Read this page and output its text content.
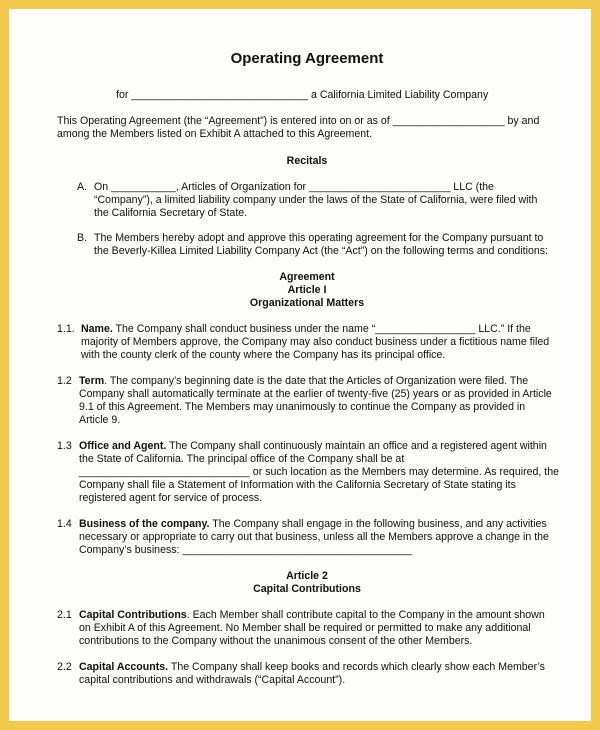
Operating Agreement
for ______________________________ a California Limited Liability Company
This Operating Agreement (the “Agreement”) is entered into on or as of ___________________ by and
among the Members listed on Exhibit A attached to this Agreement.
Recitals
A. On ___________, Articles of Organization for ________________________ LLC (the
“Company”), a limited liability company under the laws of the State of California, were filed with
the California Secretary of State.
B. The Members hereby adopt and approve this operating agreement for the Company pursuant to
the Beverly-Killea Limited Liability Company Act (the “Act”) on the following terms and conditions:
Agreement
Article I
Organizational Matters
1.1. Name. The Company shall conduct business under the name “_________________ LLC.” If the
majority of Members approve, the Company may also conduct business under a fictitious name filed
with the county clerk of the county where the Company has its principal office.
1.2 Term. The company’s beginning date is the date that the Articles of Organization were filed. The
Company shall automatically terminate at the earlier of twenty-five (25) years or as provided in Article
9.1 of this Agreement. The Members may unanimously to continue the Company as provided in
Article 9.
1.3 Office and Agent. The Company shall continuously maintain an office and a registered agent within
the State of California. The principal office of the Company shall be at
_____________________________ or such location as the Members may determine. As required, the
Company shall file a Statement of Information with the California Secretary of State stating its
registered agent for service of process.
1.4 Business of the company. The Company shall engage in the following business, and any activities
necessary or appropriate to carry out that business, unless all the Members approve a change in the
Company’s business: _______________________________________
Article 2
Capital Contributions
2.1 Capital Contributions. Each Member shall contribute capital to the Company in the amount shown
on Exhibit A of this Agreement. No Member shall be required or permitted to make any additional
contributions to the Company without the unanimous consent of the other Members.
2.2 Capital Accounts. The Company shall keep books and records which clearly show each Member’s
capital contributions and withdrawals (“Capital Account”).
